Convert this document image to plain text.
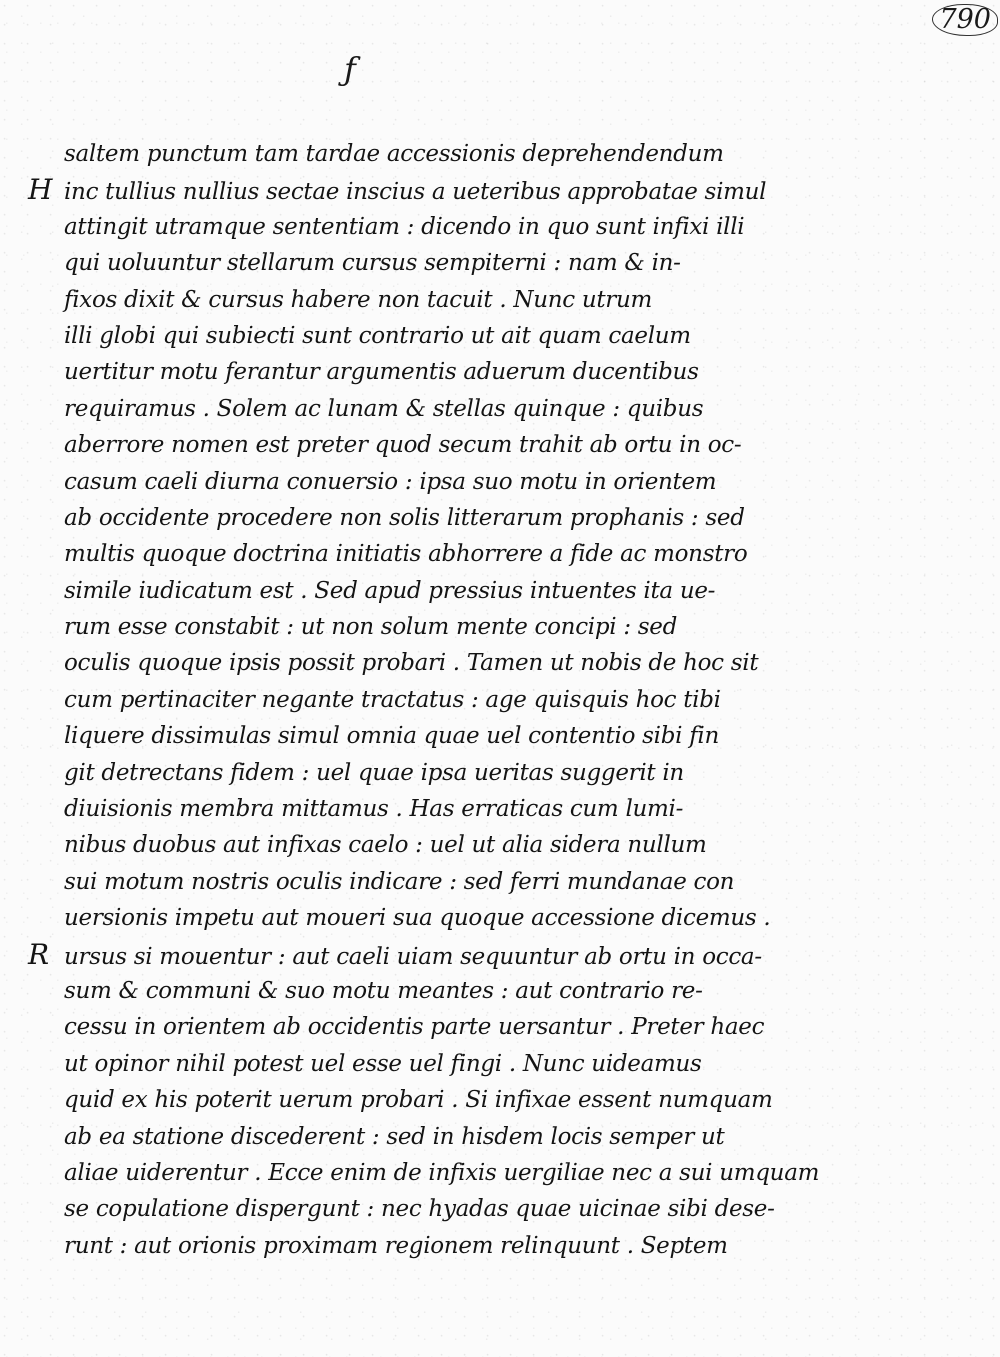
790
ƒ
saltem punctum tam tardae accessionis deprehendendum
H inc tullius nullius sectae inscius a ueteribus approbatae simul
attingit utramque sententiam : dicendo in quo sunt infixi illi
qui uoluuntur stellarum cursus sempiterni : nam & in-
fixos dixit & cursus habere non tacuit . Nunc utrum
illi globi qui subiecti sunt contrario ut ait quam caelum
uertitur motu ferantur argumentis aduerum ducentibus
requiramus . Solem ac lunam & stellas quinque : quibus
aberrore nomen est preter quod secum trahit ab ortu in oc-
casum caeli diurna conuersio : ipsa suo motu in orientem
ab occidente procedere non solis litterarum prophanis : sed
multis quoque doctrina initiatis abhorrere a fide ac monstro
simile iudicatum est . Sed apud pressius intuentes ita ue-
rum esse constabit : ut non solum mente concipi : sed
oculis quoque ipsis possit probari . Tamen ut nobis de hoc sit
cum pertinaciter negante tractatus : age quisquis hoc tibi
liquere dissimulas simul omnia quae uel contentio sibi fin
git detrectans fidem : uel quae ipsa ueritas suggerit in
diuisionis membra mittamus . Has erraticas cum lumi-
nibus duobus aut infixas caelo : uel ut alia sidera nullum
sui motum nostris oculis indicare : sed ferri mundanae con
uersionis impetu aut moueri sua quoque accessione dicemus .
R ursus si mouentur : aut caeli uiam sequuntur ab ortu in occa-
sum & communi & suo motu meantes : aut contrario re-
cessu in orientem ab occidentis parte uersantur . Preter haec
ut opinor nihil potest uel esse uel fingi . Nunc uideamus
quid ex his poterit uerum probari . Si infixae essent numquam
ab ea statione discederent : sed in hisdem locis semper ut
aliae uiderentur . Ecce enim de infixis uergiliae nec a sui umquam
se copulatione dispergunt : nec hyadas quae uicinae sibi dese-
runt : aut orionis proximam regionem relinquunt . Septem
